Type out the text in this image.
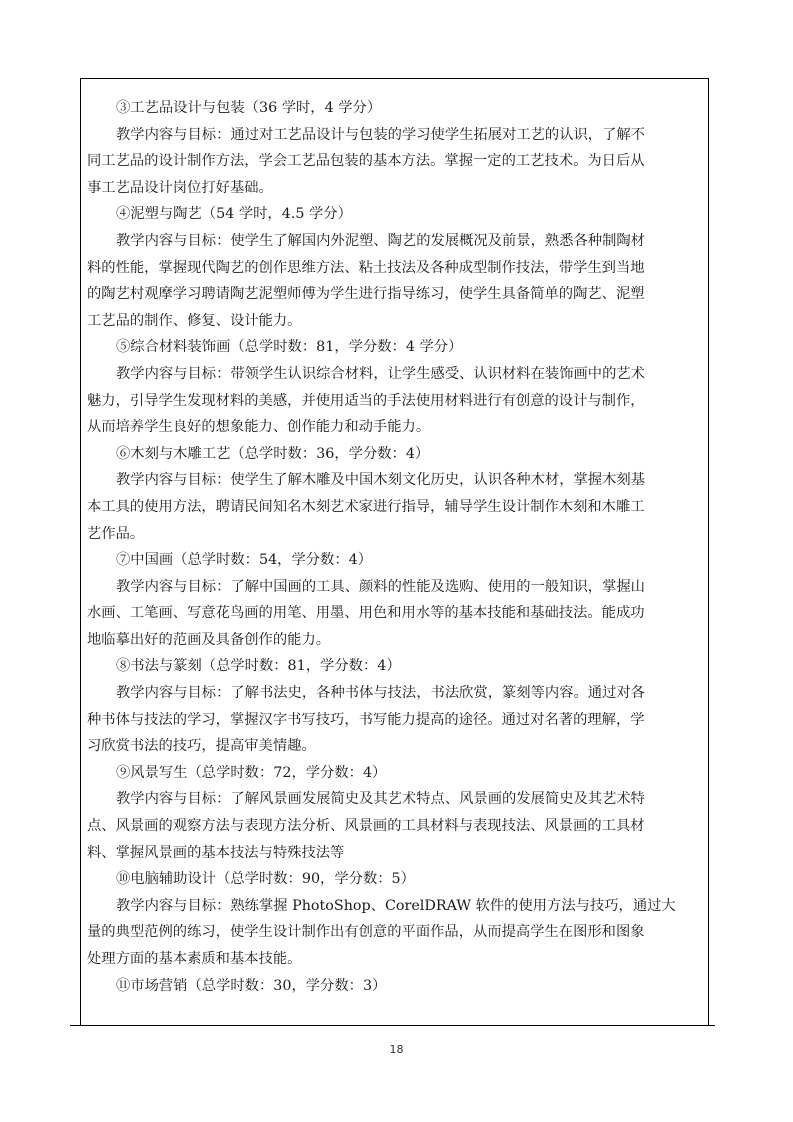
③工艺品设计与包装（36 学时，4 学分）
教学内容与目标：通过对工艺品设计与包装的学习使学生拓展对工艺的认识，了解不
同工艺品的设计制作方法，学会工艺品包装的基本方法。掌握一定的工艺技术。为日后从
事工艺品设计岗位打好基础。
④泥塑与陶艺（54 学时，4.5 学分）
教学内容与目标：使学生了解国内外泥塑、陶艺的发展概况及前景，熟悉各种制陶材
料的性能，掌握现代陶艺的创作思维方法、粘土技法及各种成型制作技法，带学生到当地
的陶艺村观摩学习聘请陶艺泥塑师傅为学生进行指导练习，使学生具备简单的陶艺、泥塑
工艺品的制作、修复、设计能力。
⑤综合材料装饰画（总学时数：81，学分数：4 学分）
教学内容与目标：带领学生认识综合材料，让学生感受、认识材料在装饰画中的艺术
魅力，引导学生发现材料的美感，并使用适当的手法使用材料进行有创意的设计与制作，
从而培养学生良好的想象能力、创作能力和动手能力。
⑥木刻与木雕工艺（总学时数：36，学分数：4）
教学内容与目标：使学生了解木雕及中国木刻文化历史，认识各种木材，掌握木刻基
本工具的使用方法，聘请民间知名木刻艺术家进行指导，辅导学生设计制作木刻和木雕工
艺作品。
⑦中国画（总学时数：54，学分数：4）
教学内容与目标：了解中国画的工具、颜料的性能及选购、使用的一般知识，掌握山
水画、工笔画、写意花鸟画的用笔、用墨、用色和用水等的基本技能和基础技法。能成功
地临摹出好的范画及具备创作的能力。
⑧书法与篆刻（总学时数：81，学分数：4）
教学内容与目标：了解书法史，各种书体与技法，书法欣赏，篆刻等内容。通过对各
种书体与技法的学习，掌握汉字书写技巧，书写能力提高的途径。通过对名著的理解，学
习欣赏书法的技巧，提高审美情趣。
⑨风景写生（总学时数：72，学分数：4）
教学内容与目标：了解风景画发展简史及其艺术特点、风景画的发展简史及其艺术特
点、风景画的观察方法与表现方法分析、风景画的工具材料与表现技法、风景画的工具材
料、掌握风景画的基本技法与特殊技法等
⑩电脑辅助设计（总学时数：90，学分数：5）
教学内容与目标：熟练掌握 PhotoShop、CorelDRAW 软件的使用方法与技巧，通过大
量的典型范例的练习，使学生设计制作出有创意的平面作品，从而提高学生在图形和图象
处理方面的基本素质和基本技能。
⑪市场营销（总学时数：30，学分数：3）
18
